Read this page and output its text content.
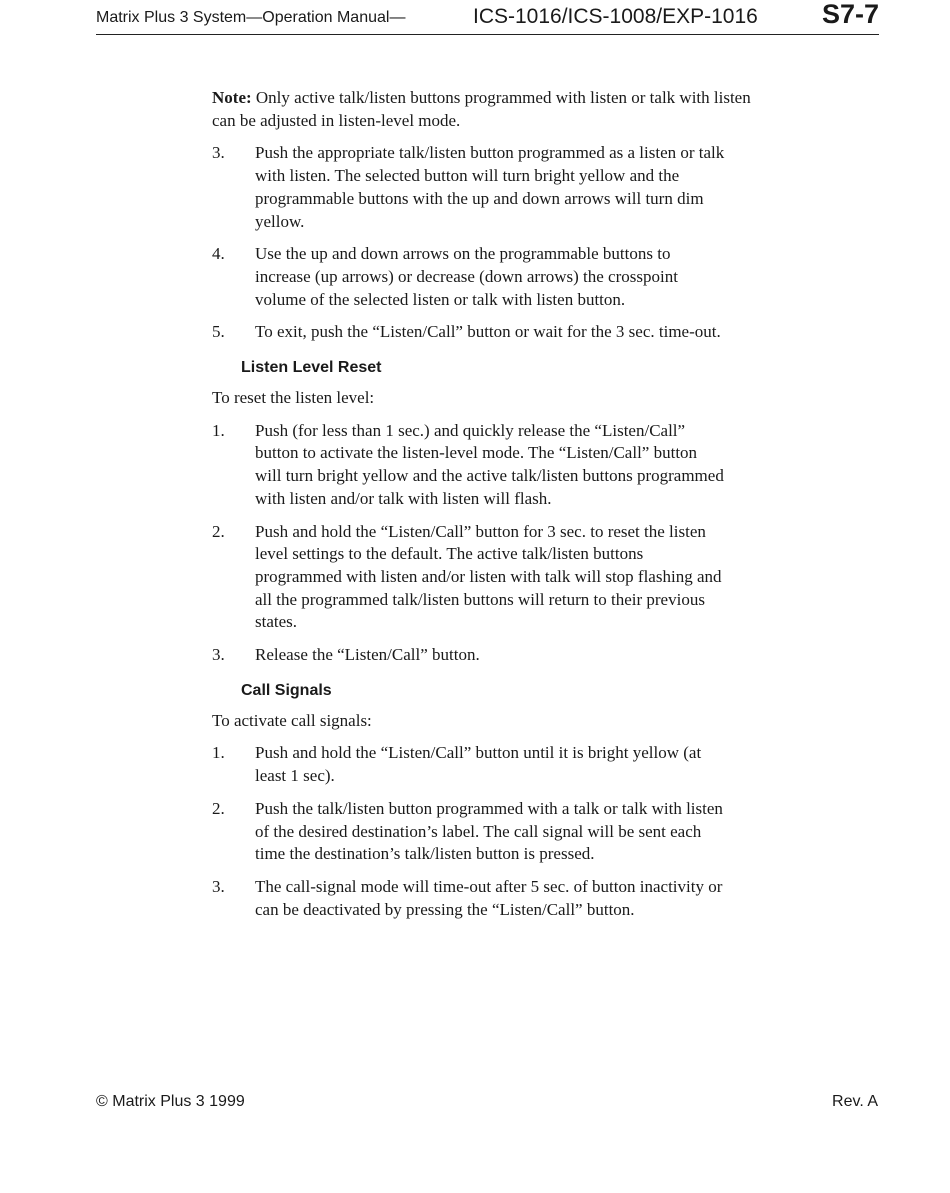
Matrix Plus 3 System—Operation Manual—	ICS-1016/ICS-1008/EXP-1016 S7-7

Note: Only active talk/listen buttons programmed with listen or talk with listen can be adjusted in listen-level mode.

3. Push the appropriate talk/listen button programmed as a listen or talk with listen. The selected button will turn bright yellow and the programmable buttons with the up and down arrows will turn dim yellow.
4. Use the up and down arrows on the programmable buttons to increase (up arrows) or decrease (down arrows) the crosspoint volume of the selected listen or talk with listen button.
5. To exit, push the “Listen/Call” button or wait for the 3 sec. time-out.
Listen Level Reset

To reset the listen level:

1. Push (for less than 1 sec.) and quickly release the “Listen/Call” button to activate the listen-level mode. The “Listen/Call” button will turn bright yellow and the active talk/listen buttons programmed with listen and/or talk with listen will flash.
2. Push and hold the “Listen/Call” button for 3 sec. to reset the listen level settings to the default. The active talk/listen buttons programmed with listen and/or listen with talk will stop flashing and all the programmed talk/listen buttons will return to their previous states.
3. Release the “Listen/Call” button.
Call Signals

To activate call signals:

1. Push and hold the “Listen/Call” button until it is bright yellow (at least 1 sec).
2. Push the talk/listen button programmed with a talk or talk with listen of the desired destination’s label. The call signal will be sent each time the destination’s talk/listen button is pressed.
3. The call-signal mode will time-out after 5 sec. of button inactivity or can be deactivated by pressing the “Listen/Call” button.
© Matrix Plus 3 1999	Rev. A
